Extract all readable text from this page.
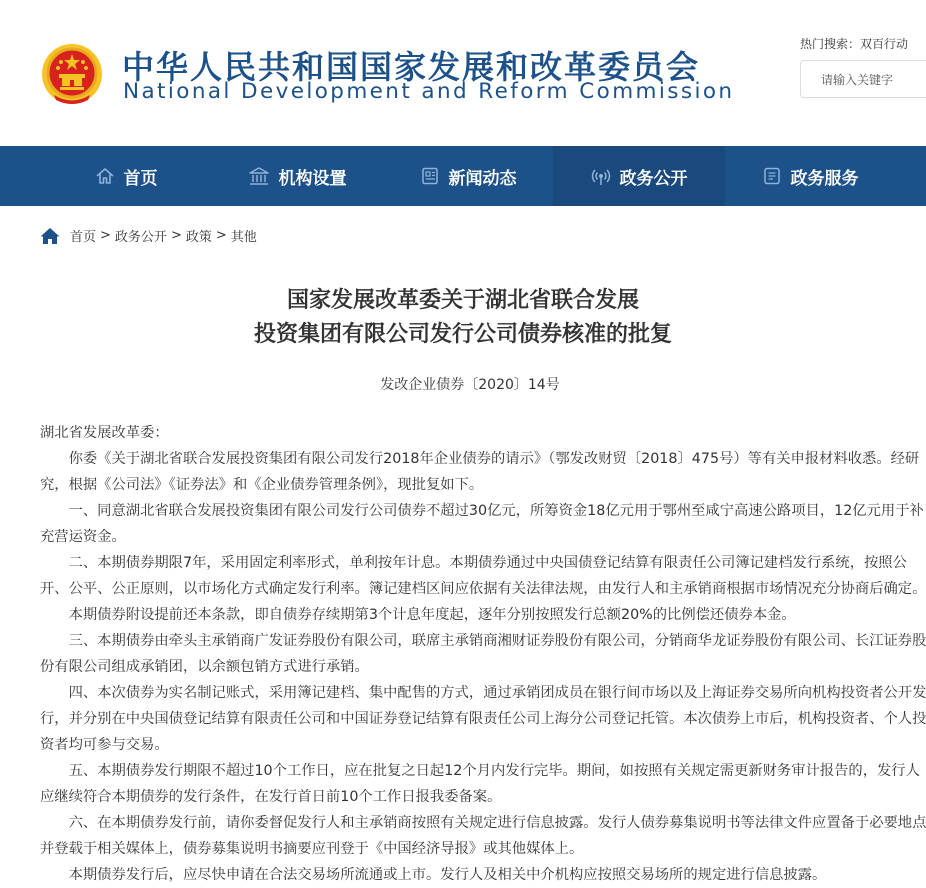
中华人民共和国国家发展和改革委员会
National Development and Reform Commission
热门搜索：双百行动
请输入关键字
首页	机构设置	新闻动态	政务公开	政务服务
首页 > 政务公开 > 政策 > 其他
国家发展改革委关于湖北省联合发展
投资集团有限公司发行公司债券核准的批复
发改企业债券〔2020〕14号

湖北省发展改革委：

你委《关于湖北省联合发展投资集团有限公司发行2018年企业债券的请示》（鄂发改财贸〔2018〕475号）等有关申报材料收悉。经研究，根据《公司法》《证券法》和《企业债券管理条例》，现批复如下。

一、同意湖北省联合发展投资集团有限公司发行公司债券不超过30亿元，所筹资金18亿元用于鄂州至咸宁高速公路项目，12亿元用于补充营运资金。

二、本期债券期限7年，采用固定利率形式，单利按年计息。本期债券通过中央国债登记结算有限责任公司簿记建档发行系统，按照公开、公平、公正原则，以市场化方式确定发行利率。簿记建档区间应依据有关法律法规，由发行人和主承销商根据市场情况充分协商后确定。

本期债券附设提前还本条款，即自债券存续期第3个计息年度起，逐年分别按照发行总额20%的比例偿还债券本金。

三、本期债券由牵头主承销商广发证券股份有限公司，联席主承销商湘财证券股份有限公司，分销商华龙证券股份有限公司、长江证券股份有限公司组成承销团，以余额包销方式进行承销。

四、本次债券为实名制记账式，采用簿记建档、集中配售的方式，通过承销团成员在银行间市场以及上海证券交易所向机构投资者公开发行，并分别在中央国债登记结算有限责任公司和中国证券登记结算有限责任公司上海分公司登记托管。本次债券上市后，机构投资者、个人投资者均可参与交易。

五、本期债券发行期限不超过10个工作日，应在批复之日起12个月内发行完毕。期间，如按照有关规定需更新财务审计报告的，发行人应继续符合本期债券的发行条件，在发行首日前10个工作日报我委备案。

六、在本期债券发行前，请你委督促发行人和主承销商按照有关规定进行信息披露。发行人债券募集说明书等法律文件应置备于必要地点并登载于相关媒体上，债券募集说明书摘要应刊登于《中国经济导报》或其他媒体上。

本期债券发行后，应尽快申请在合法交易场所流通或上市。发行人及相关中介机构应按照交易场所的规定进行信息披露。
